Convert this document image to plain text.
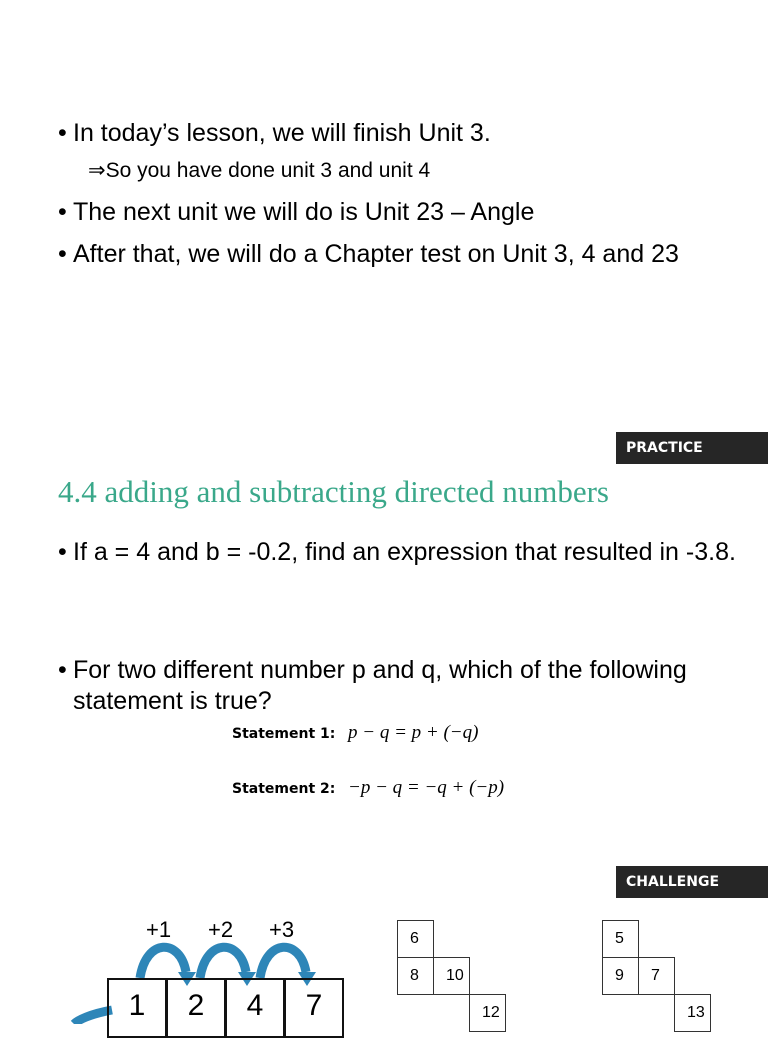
• In today’s lesson, we will finish Unit 3.
⇒So you have done unit 3 and unit 4
• The next unit we will do is Unit 23 – Angle
• After that, we will do a Chapter test on Unit 3, 4 and 23
PRACTICE
4.4 adding and subtracting directed numbers
• If a = 4 and b = -0.2, find an expression that resulted in -3.8.
• For two different number p and q, which of the following
statement is true?
Statement 1: p − q = p + (−q)
Statement 2: −p − q = −q + (−p)
CHALLENGE
+1 +2 +3
1	2	4	7
6
8	10
12
5
9	7
13
